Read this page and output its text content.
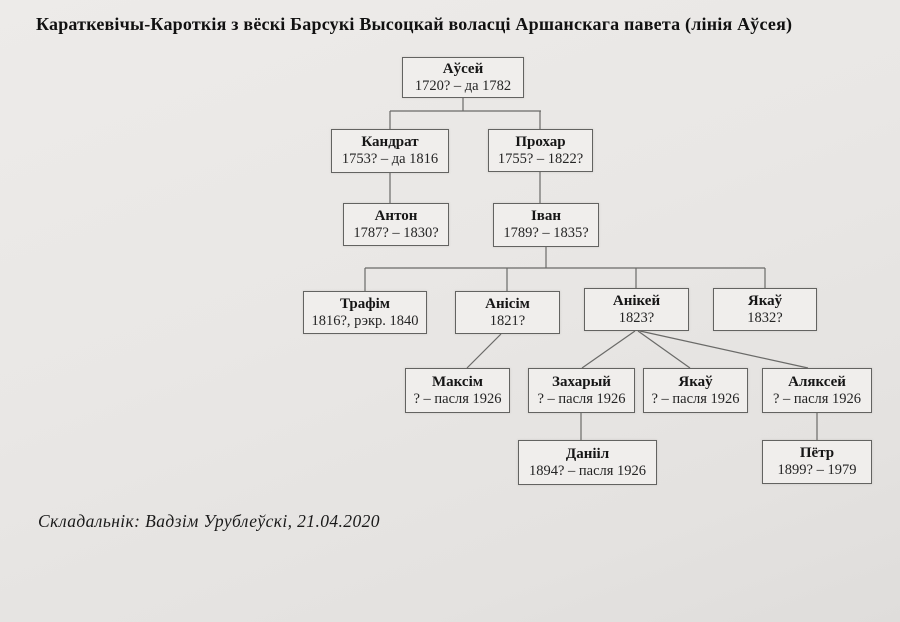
Караткевічы-Кароткія з вёскі Барсукі Высоцкай воласці Аршанскага павета (лінія Аўсея)
Аўсей
1720? – да 1782
Кандрат
1753? – да 1816
Прохар
1755? – 1822?
Антон
1787? – 1830?
Іван
1789? – 1835?
Трафім
1816?, рэкр. 1840
Анісім
1821?
Анікей
1823?
Якаў
1832?
Максім
? – пасля 1926
Захарый
? – пасля 1926
Якаў
? – пасля 1926
Аляксей
? – пасля 1926
Данііл
1894? – пасля 1926
Пётр
1899? – 1979
Складальнік: Вадзім Урублеўскі, 21.04.2020
